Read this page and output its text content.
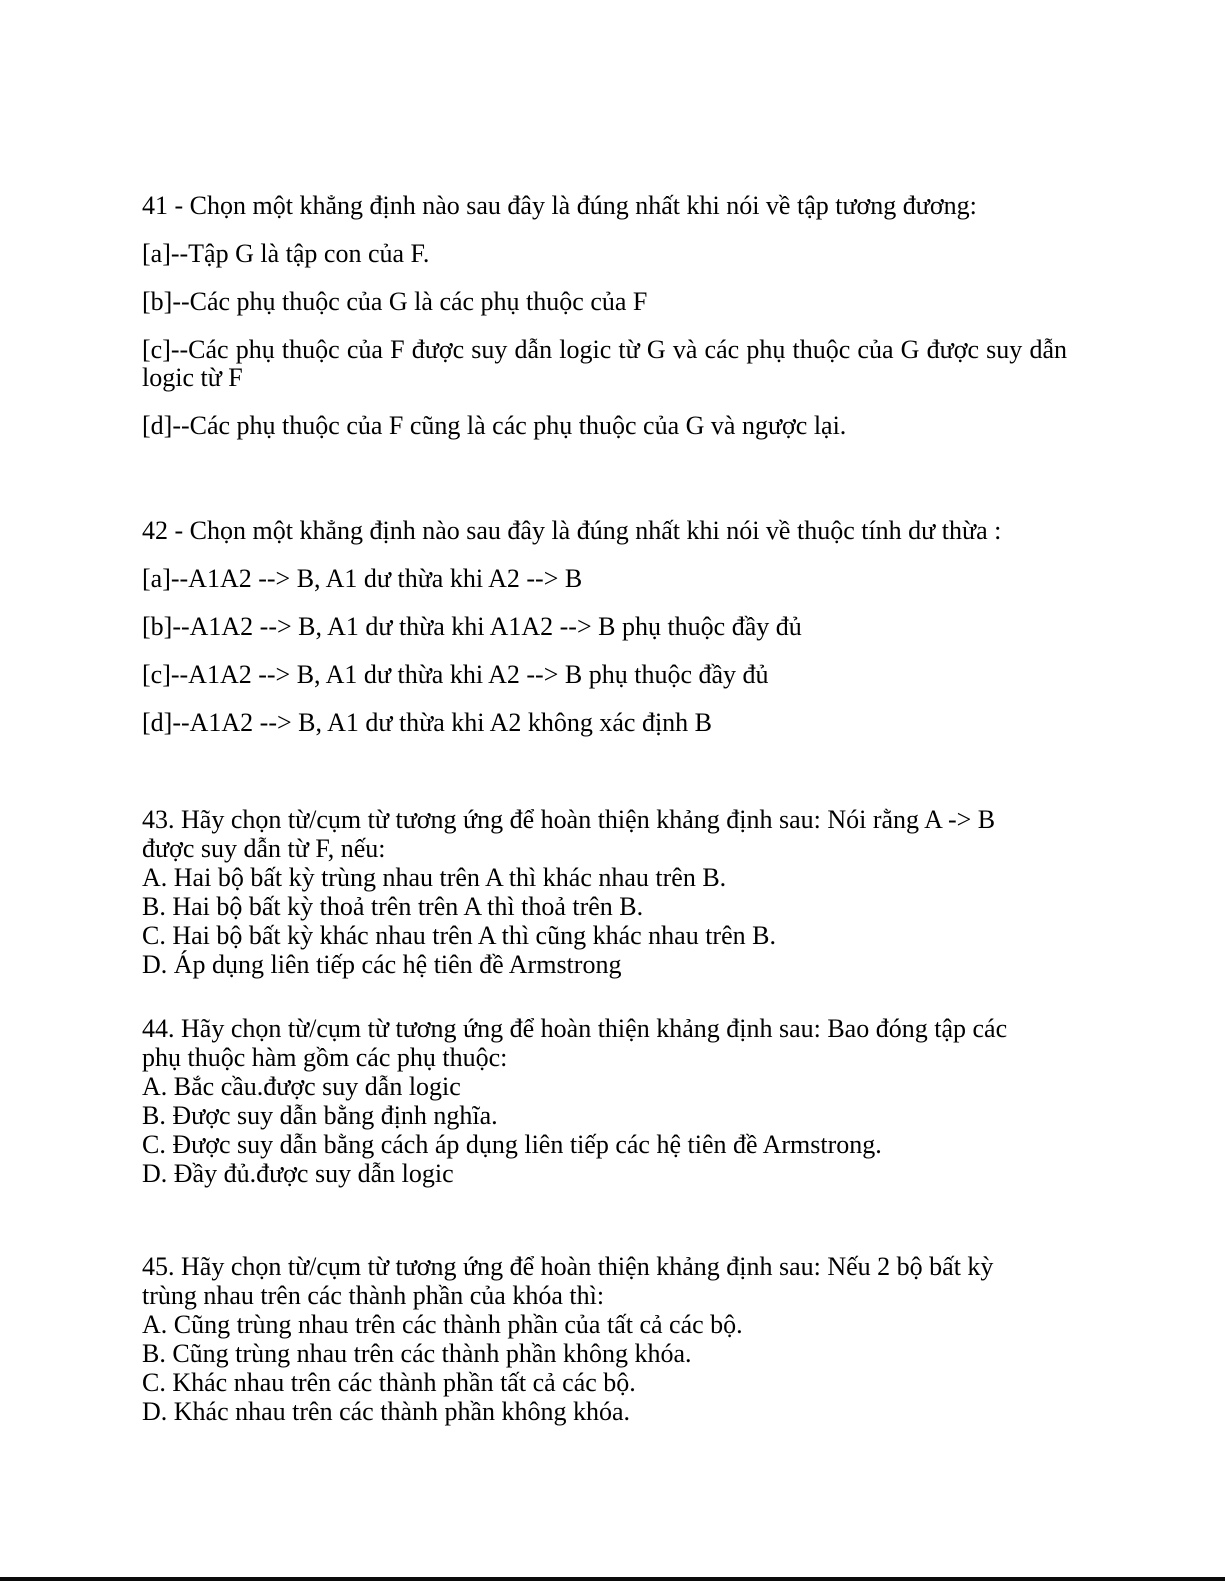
41 - Chọn một khẳng định nào sau đây là đúng nhất khi nói về tập tương đương:

[a]--Tập G là tập con của F.

[b]--Các phụ thuộc của G là các phụ thuộc của F

[c]--Các phụ thuộc của F được suy dẫn logic từ G và các phụ thuộc của G được suy dẫn logic từ F

[d]--Các phụ thuộc của F cũng là các phụ thuộc của G và ngược lại.

42 - Chọn một khẳng định nào sau đây là đúng nhất khi nói về thuộc tính dư thừa :

[a]--A1A2 --> B, A1 dư thừa khi A2 --> B

[b]--A1A2 --> B, A1 dư thừa khi A1A2 --> B phụ thuộc đầy đủ

[c]--A1A2 --> B, A1 dư thừa khi A2 --> B phụ thuộc đầy đủ

[d]--A1A2 --> B, A1 dư thừa khi A2 không xác định B

43. Hãy chọn từ/cụm từ tương ứng để hoàn thiện khảng định sau: Nói rằng A -> B
được suy dẫn từ F, nếu:
A. Hai bộ bất kỳ trùng nhau trên A thì khác nhau trên B.
B. Hai bộ bất kỳ thoả trên trên A thì thoả trên B.
C. Hai bộ bất kỳ khác nhau trên A thì cũng khác nhau trên B.
D. Áp dụng liên tiếp các hệ tiên đề Armstrong
44. Hãy chọn từ/cụm từ tương ứng để hoàn thiện khảng định sau: Bao đóng tập các
phụ thuộc hàm gồm các phụ thuộc:
A. Bắc cầu.được suy dẫn logic
B. Được suy dẫn bằng định nghĩa.
C. Được suy dẫn bằng cách áp dụng liên tiếp các hệ tiên đề Armstrong.
D. Đầy đủ.được suy dẫn logic
45. Hãy chọn từ/cụm từ tương ứng để hoàn thiện khảng định sau: Nếu 2 bộ bất kỳ
trùng nhau trên các thành phần của khóa thì:
A. Cũng trùng nhau trên các thành phần của tất cả các bộ.
B. Cũng trùng nhau trên các thành phần không khóa.
C. Khác nhau trên các thành phần tất cả các bộ.
D. Khác nhau trên các thành phần không khóa.
